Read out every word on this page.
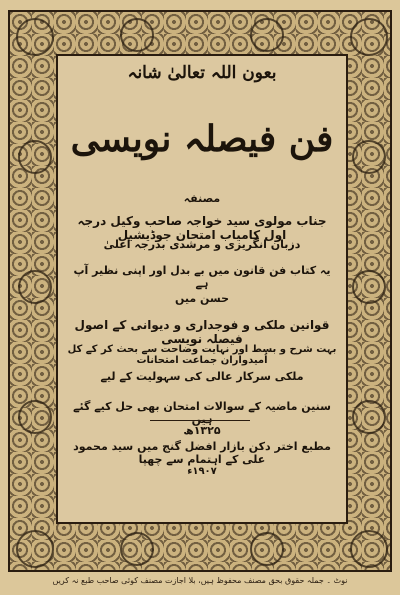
بعون اللہ تعالیٰ شانہ
فن فیصلہ نویسی
مصنفہ
جناب مولوی سید خواجہ صاحب وکیل درجہ اول کامیاب امتحان جوڈیشیل
دزبان انگریزی و مرشدی بدرجہ اعلیٰ
یہ کتاب فن قانون میں بے بدل اور اپنی نظیر آپ ہے
حسن میں
قوانین ملکی و فوجداری و دیوانی کے اصول فیصلہ نویسی
بہت شرح و بسط اور نہایت وضاحت سے بحث کر کے کل اُمیدواران جماعت امتحانات
ملکی سرکار عالی کی سہولیت کے لیے
سنین ماضیہ کے سوالات امتحان بھی حل کیے گئے ہیں
۱۳۲۵ھ
مطبع اختر دکن بازار افضل گنج میں سید محمود علی کے اہتمام سے چھپا
۱۹۰۷ء
نوٹ ۔ جملہ حقوق بحق مصنف محفوظ ہیں، بلا اجازت مصنف کوئی صاحب طبع نہ کریں
